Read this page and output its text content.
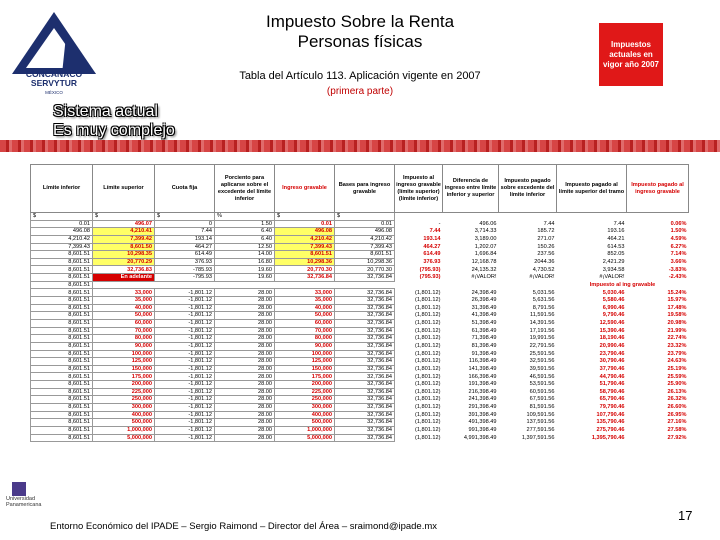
CONCANACO
SERVYTUR
MÉXICO
Impuesto Sobre la Renta
Personas físicas
Tabla del Artículo 113. Aplicación vigente en 2007
(primera parte)
Impuestos actuales en vigor año 2007
Sistema actual
Es muy complejo
Límite inferior	Límite superior	Cuota fija	Porciento para aplicarse sobre el excedente del límite inferior	Ingreso gravable	Bases para ingreso gravable	Impuesto al ingreso gravable (límite superior) (límite inferior)	Diferencia de ingreso entre límite inferior y superior	Impuesto pagado sobre excedente del límite inferior	Impuesto pagado al límite superior del tramo	Impuesto pagado al ingreso gravable
$	$	$	%	$	$					
0.01	496.07	0	1.50	0.01	0.01	-	496.06	7.44	7.44	0.06%
496.08	4,210.41	7.44	6.40	496.08	496.08	7.44	3,714.33	185.72	193.16	1.50%
4,210.42	7,399.42	193.14	6.40	4,210.42	4,210.42	193.14	3,189.00	271.07	464.21	4.59%
7,399.43	8,601.50	464.27	12.50	7,399.43	7,399.43	464.27	1,202.07	150.26	614.53	6.27%
8,601.51	10,298.35	614.49	14.00	8,601.51	8,601.51	614.49	1,696.84	237.56	852.05	7.14%
8,601.51	20,770.29	376.93	16.80	10,298.36	10,298.36	376.93	12,168.78	2044.36	2,421.29	3.66%
8,601.51	32,736.83	-785.93	19.60	20,770.30	20,770.30	(795.93)	24,135.32	4,730.52	3,934.58	-3.83%
8,601.51	En adelante	-795.93	19.60	32,736.84	32,736.84	(795.93)	#¡VALOR!	#¡VALOR!	#¡VALOR!	-2.43%
8,601.51									Impuesto al ing gravable	
8,601.51	33,000	-1,801.12	28.00	33,000	32,736.84	(1,801.12)	24,398.49	5,031.56	5,030.46	15.24%
8,601.51	35,000	-1,801.12	28.00	35,000	32,736.84	(1,801.12)	26,398.49	5,631.56	5,580.46	15.97%
8,601.51	40,000	-1,801.12	28.00	40,000	32,736.84	(1,801.12)	31,398.49	8,791.56	6,990.46	17.48%
8,601.51	50,000	-1,801.12	28.00	50,000	32,736.84	(1,801.12)	41,398.49	11,591.56	9,790.46	19.58%
8,601.51	60,000	-1,801.12	28.00	60,000	32,736.84	(1,801.12)	51,398.49	14,391.56	12,590.46	20.98%
8,601.51	70,000	-1,801.12	28.00	70,000	32,736.84	(1,801.12)	61,398.49	17,191.56	15,390.46	21.99%
8,601.51	80,000	-1,801.12	28.00	80,000	32,736.84	(1,801.12)	71,398.49	19,991.56	18,190.46	22.74%
8,601.51	90,000	-1,801.12	28.00	90,000	32,736.84	(1,801.12)	81,398.49	22,791.56	20,990.46	23.32%
8,601.51	100,000	-1,801.12	28.00	100,000	32,736.84	(1,801.12)	91,398.49	25,591.56	23,790.46	23.79%
8,601.51	125,000	-1,801.12	28.00	125,000	32,736.84	(1,801.12)	116,398.49	32,591.56	30,790.46	24.63%
8,601.51	150,000	-1,801.12	28.00	150,000	32,736.84	(1,801.12)	141,398.49	39,591.56	37,790.46	25.19%
8,601.51	175,000	-1,801.12	28.00	175,000	32,736.84	(1,801.12)	166,398.49	46,591.56	44,790.46	25.59%
8,601.51	200,000	-1,801.12	28.00	200,000	32,736.84	(1,801.12)	191,398.49	53,591.56	51,790.46	25.90%
8,601.51	225,000	-1,801.12	28.00	225,000	32,736.84	(1,801.12)	216,398.49	60,591.56	58,790.46	26.13%
8,601.51	250,000	-1,801.12	28.00	250,000	32,736.84	(1,801.12)	241,398.49	67,591.56	65,790.46	26.32%
8,601.51	300,000	-1,801.12	28.00	300,000	32,736.84	(1,801.12)	291,398.49	81,591.56	79,790.46	26.60%
8,601.51	400,000	-1,801.12	28.00	400,000	32,736.84	(1,801.12)	391,398.49	109,591.56	107,790.46	26.95%
8,601.51	500,000	-1,801.12	28.00	500,000	32,736.84	(1,801.12)	491,398.49	137,591.56	135,790.46	27.16%
8,601.51	1,000,000	-1,801.12	28.00	1,000,000	32,736.84	(1,801.12)	991,398.49	277,591.56	275,790.46	27.58%
8,601.51	5,000,000	-1,801.12	28.00	5,000,000	32,736.84	(1,801.12)	4,991,398.49	1,397,591.56	1,395,790.46	27.92%
Universidad
Panamericana
Entorno Económico del IPADE – Sergio Raimond – Director del Área – sraimond@ipade.mx
17
